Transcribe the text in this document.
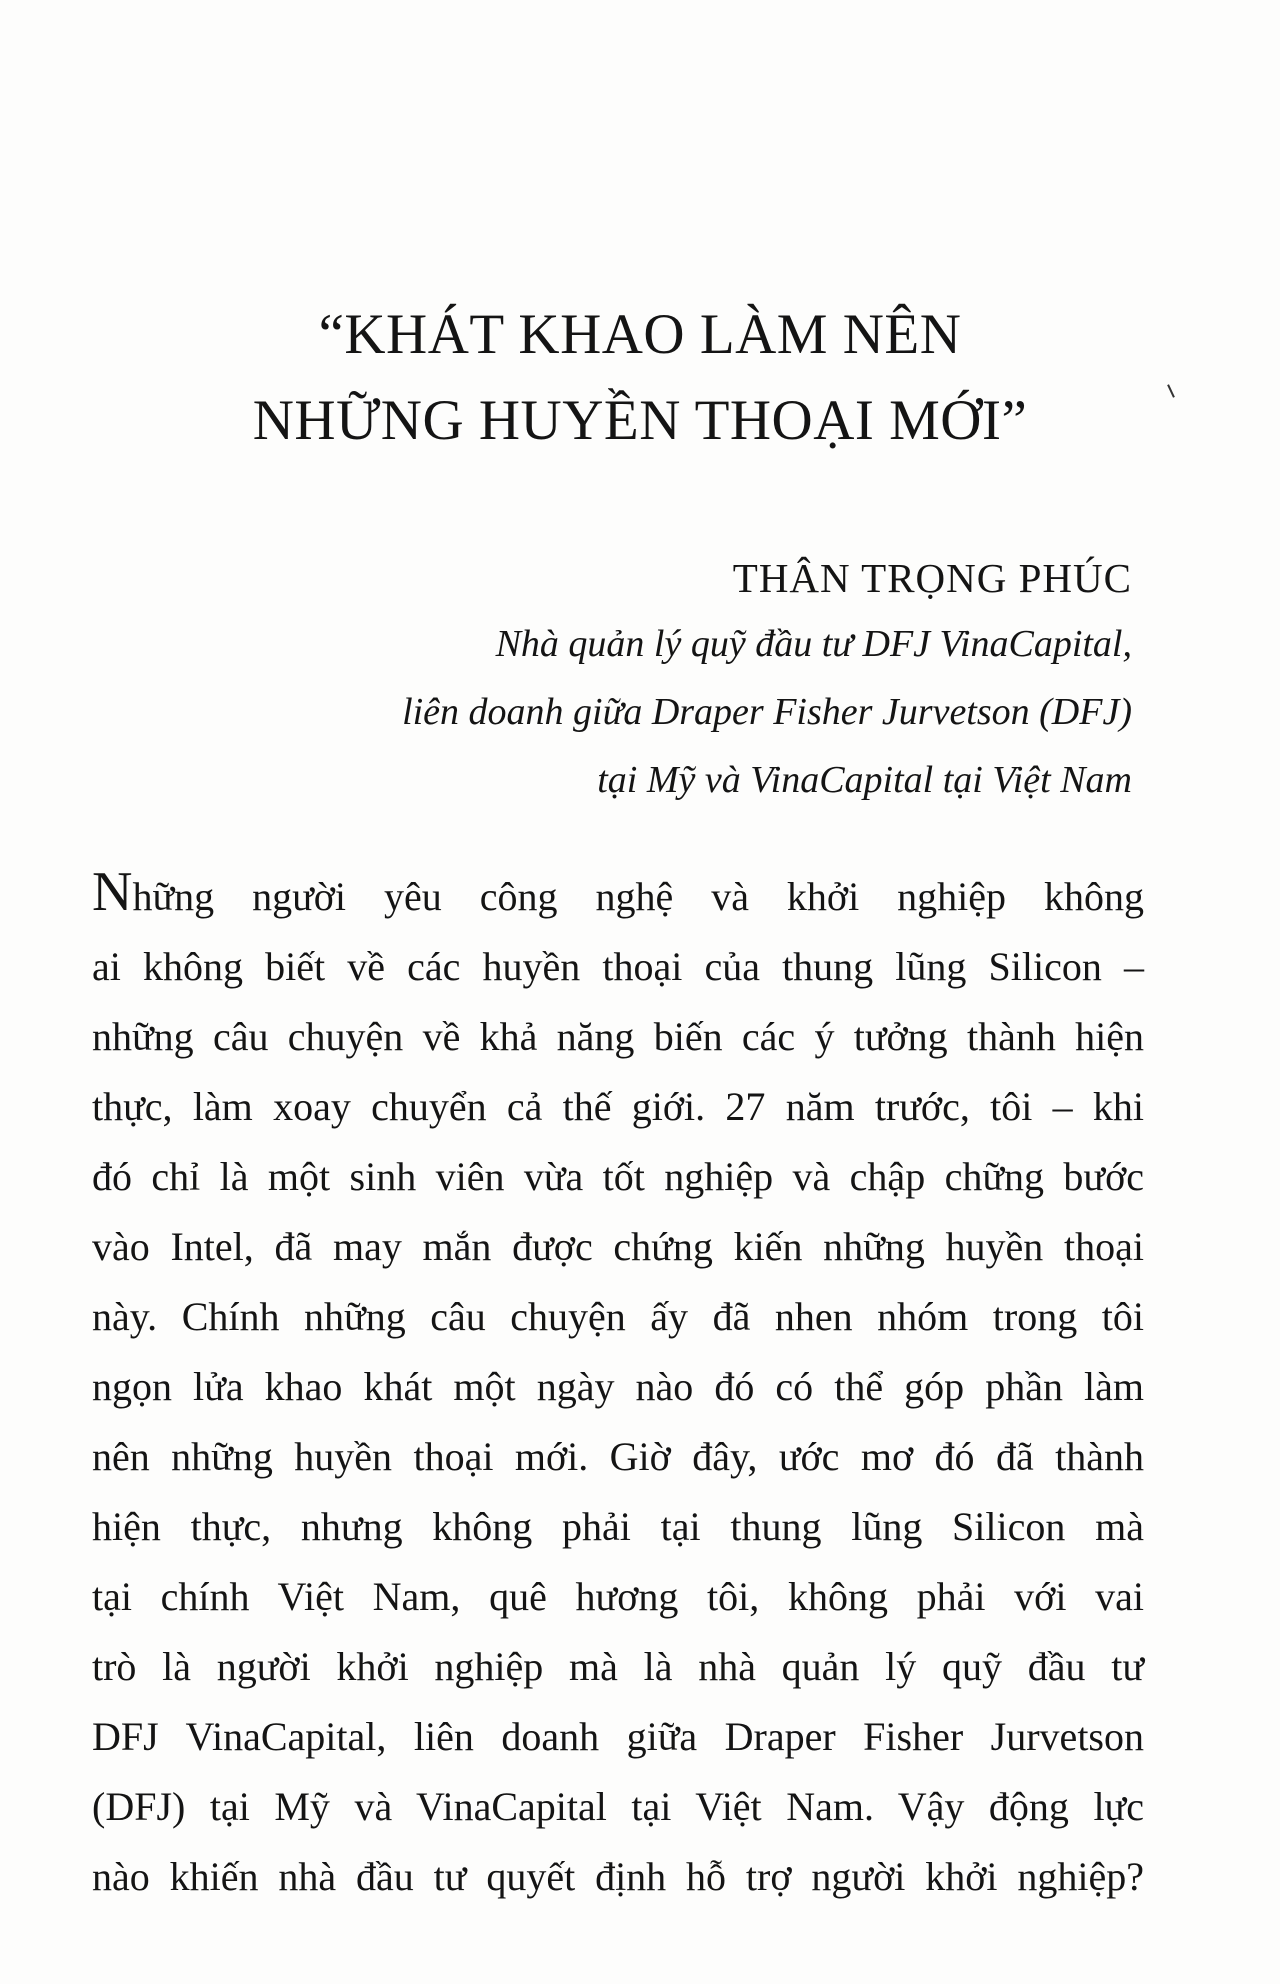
“KHÁT KHAO LÀM NÊN
NHỮNG HUYỀN THOẠI MỚI”
THÂN TRỌNG PHÚC
Nhà quản lý quỹ đầu tư DFJ VinaCapital,
liên doanh giữa Draper Fisher Jurvetson (DFJ)
tại Mỹ và VinaCapital tại Việt Nam
Những người yêu công nghệ và khởi nghiệp không
ai không biết về các huyền thoại của thung lũng Silicon –
những câu chuyện về khả năng biến các ý tưởng thành hiện
thực, làm xoay chuyển cả thế giới. 27 năm trước, tôi – khi
đó chỉ là một sinh viên vừa tốt nghiệp và chập chững bước
vào Intel, đã may mắn được chứng kiến những huyền thoại
này. Chính những câu chuyện ấy đã nhen nhóm trong tôi
ngọn lửa khao khát một ngày nào đó có thể góp phần làm
nên những huyền thoại mới. Giờ đây, ước mơ đó đã thành
hiện thực, nhưng không phải tại thung lũng Silicon mà
tại chính Việt Nam, quê hương tôi, không phải với vai
trò là người khởi nghiệp mà là nhà quản lý quỹ đầu tư
DFJ VinaCapital, liên doanh giữa Draper Fisher Jurvetson
(DFJ) tại Mỹ và VinaCapital tại Việt Nam. Vậy động lực
nào khiến nhà đầu tư quyết định hỗ trợ người khởi nghiệp?
